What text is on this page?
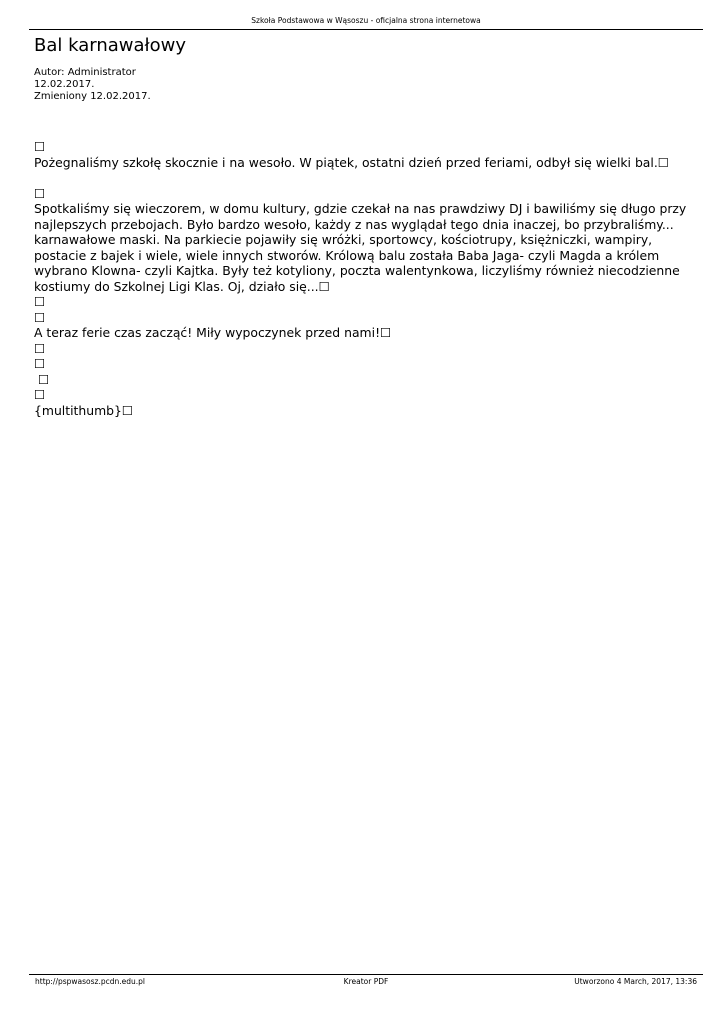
Szkoła Podstawowa w Wąsoszu - oficjalna strona internetowa
Bal karnawałowy
Autor: Administrator
12.02.2017.
Zmieniony 12.02.2017.

☐

Pożegnaliśmy szkołę skocznie i na wesoło. W piątek, ostatni dzień przed feriami, odbył się wielki bal.☐

☐

Spotkaliśmy się wieczorem, w domu kultury, gdzie czekał na nas prawdziwy DJ i bawiliśmy się długo przy najlepszych przebojach. Było bardzo wesoło, każdy z nas wyglądał tego dnia inaczej, bo przybraliśmy... karnawałowe maski. Na parkiecie pojawiły się wróżki, sportowcy, kościotrupy, księżniczki, wampiry, postacie z bajek i wiele, wiele innych stworów. Królową balu została Baba Jaga- czyli Magda a królem wybrano Klowna- czyli Kajtka. Były też kotyliony, poczta walentynkowa, liczyliśmy również niecodzienne kostiumy do Szkolnej Ligi Klas. Oj, działo się...☐

☐

☐

A teraz ferie czas zacząć! Miły wypoczynek przed nami!☐

☐

☐

☐

☐

{multithumb}☐

http://pspwasosz.pcdn.edu.pl	Kreator PDF	Utworzono 4 March, 2017, 13:36
